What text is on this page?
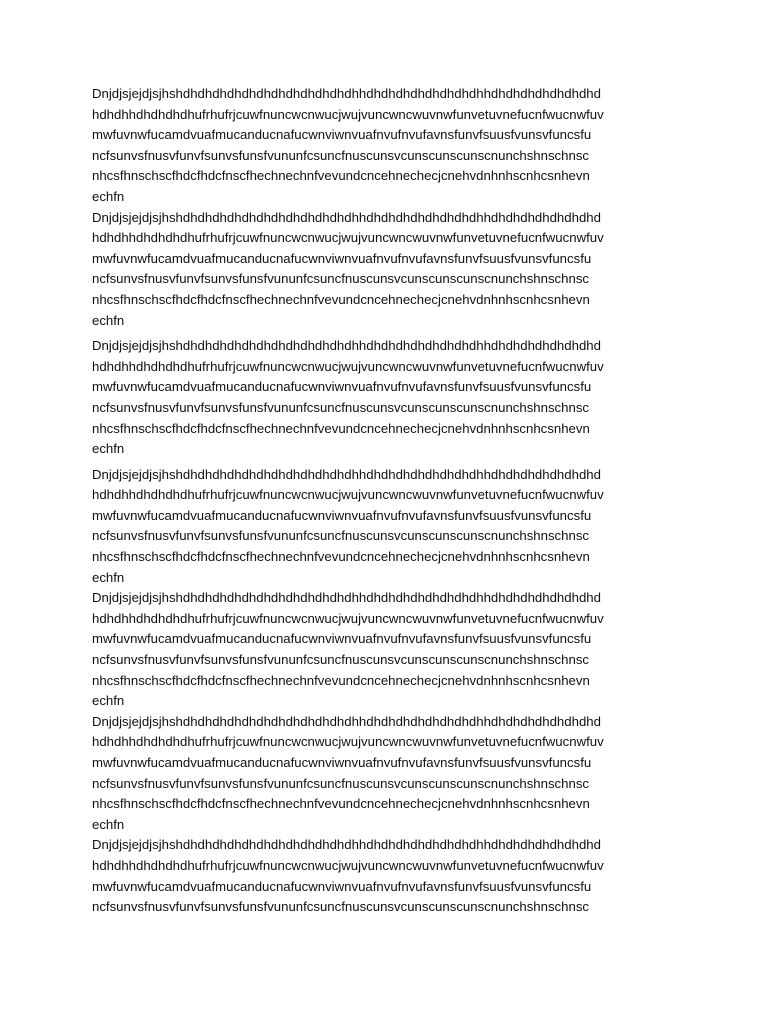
Dnjdjsjejdjsjhshdhdhdhdhdhdhdhdhdhdhdhdhhdhdhdhdhdhdhdhdhhdhdhdhdhdhdhdhd
hdhdhhdhdhdhdhufrhufrjcuwfnuncwcnwucjwujvuncwncwuvnwfunvetuvnefucnfwucnwfuv
mwfuvnwfucamdvuafmucanducnafucwnviwnvuafnvufnvufavnsfunvfsuusfvunsvfuncsfu
ncfsunvsfnusvfunvfsunvsfunsfvununfcsuncfnuscunsvcunscunscunscnunchshnschnsc
nhcsfhnschscfhdcfhdcfnscfhechnechnfvevundcncehnechecjcnehvdnhnhscnhcsnhevn
echfn
Dnjdjsjejdjsjhshdhdhdhdhdhdhdhdhdhdhdhdhhdhdhdhdhdhdhdhdhhdhdhdhdhdhdhdhd
hdhdhhdhdhdhdhufrhufrjcuwfnuncwcnwucjwujvuncwncwuvnwfunvetuvnefucnfwucnwfuv
mwfuvnwfucamdvuafmucanducnafucwnviwnvuafnvufnvufavnsfunvfsuusfvunsvfuncsfu
ncfsunvsfnusvfunvfsunvsfunsfvununfcsuncfnuscunsvcunscunscunscnunchshnschnsc
nhcsfhnschscfhdcfhdcfnscfhechnechnfvevundcncehnechecjcnehvdnhnhscnhcsnhevn
echfn
Dnjdjsjejdjsjhshdhdhdhdhdhdhdhdhdhdhdhdhhdhdhdhdhdhdhdhdhhdhdhdhdhdhdhdhd
hdhdhhdhdhdhdhufrhufrjcuwfnuncwcnwucjwujvuncwncwuvnwfunvetuvnefucnfwucnwfuv
mwfuvnwfucamdvuafmucanducnafucwnviwnvuafnvufnvufavnsfunvfsuusfvunsvfuncsfu
ncfsunvsfnusvfunvfsunvsfunsfvununfcsuncfnuscunsvcunscunscunscnunchshnschnsc
nhcsfhnschscfhdcfhdcfnscfhechnechnfvevundcncehnechecjcnehvdnhnhscnhcsnhevn
echfn
Dnjdjsjejdjsjhshdhdhdhdhdhdhdhdhdhdhdhdhhdhdhdhdhdhdhdhdhhdhdhdhdhdhdhdhd
hdhdhhdhdhdhdhufrhufrjcuwfnuncwcnwucjwujvuncwncwuvnwfunvetuvnefucnfwucnwfuv
mwfuvnwfucamdvuafmucanducnafucwnviwnvuafnvufnvufavnsfunvfsuusfvunsvfuncsfu
ncfsunvsfnusvfunvfsunvsfunsfvununfcsuncfnuscunsvcunscunscunscnunchshnschnsc
nhcsfhnschscfhdcfhdcfnscfhechnechnfvevundcncehnechecjcnehvdnhnhscnhcsnhevn
echfn
Dnjdjsjejdjsjhshdhdhdhdhdhdhdhdhdhdhdhdhhdhdhdhdhdhdhdhdhhdhdhdhdhdhdhdhd
hdhdhhdhdhdhdhufrhufrjcuwfnuncwcnwucjwujvuncwncwuvnwfunvetuvnefucnfwucnwfuv
mwfuvnwfucamdvuafmucanducnafucwnviwnvuafnvufnvufavnsfunvfsuusfvunsvfuncsfu
ncfsunvsfnusvfunvfsunvsfunsfvununfcsuncfnuscunsvcunscunscunscnunchshnschnsc
nhcsfhnschscfhdcfhdcfnscfhechnechnfvevundcncehnechecjcnehvdnhnhscnhcsnhevn
echfn
Dnjdjsjejdjsjhshdhdhdhdhdhdhdhdhdhdhdhdhhdhdhdhdhdhdhdhdhhdhdhdhdhdhdhdhd
hdhdhhdhdhdhdhufrhufrjcuwfnuncwcnwucjwujvuncwncwuvnwfunvetuvnefucnfwucnwfuv
mwfuvnwfucamdvuafmucanducnafucwnviwnvuafnvufnvufavnsfunvfsuusfvunsvfuncsfu
ncfsunvsfnusvfunvfsunvsfunsfvununfcsuncfnuscunsvcunscunscunscnunchshnschnsc
nhcsfhnschscfhdcfhdcfnscfhechnechnfvevundcncehnechecjcnehvdnhnhscnhcsnhevn
echfn
Dnjdjsjejdjsjhshdhdhdhdhdhdhdhdhdhdhdhdhhdhdhdhdhdhdhdhdhhdhdhdhdhdhdhdhd
hdhdhhdhdhdhdhufrhufrjcuwfnuncwcnwucjwujvuncwncwuvnwfunvetuvnefucnfwucnwfuv
mwfuvnwfucamdvuafmucanducnafucwnviwnvuafnvufnvufavnsfunvfsuusfvunsvfuncsfu
ncfsunvsfnusvfunvfsunvsfunsfvununfcsuncfnuscunsvcunscunscunscnunchshnschnsc
